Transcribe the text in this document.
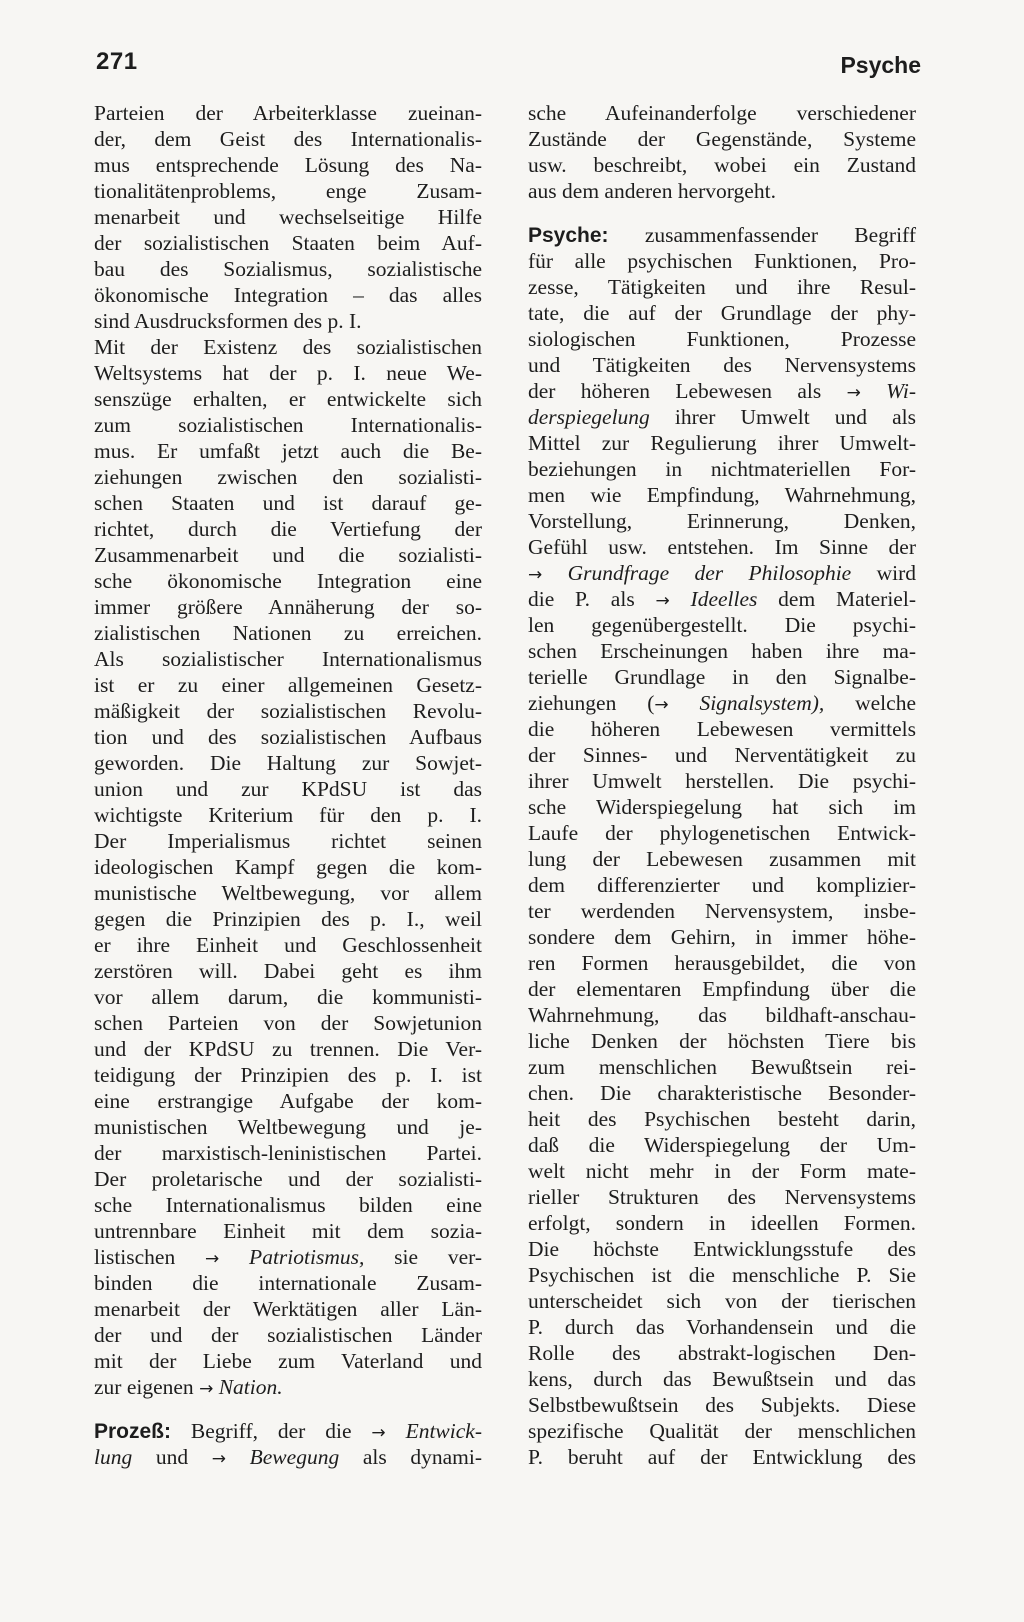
271	Psyche
Parteien der Arbeiterklasse zueinan-
der, dem Geist des Internationalis-
mus entsprechende Lösung des Na-
tionalitätenproblems, enge Zusam-
menarbeit und wechselseitige Hilfe
der sozialistischen Staaten beim Auf-
bau des Sozialismus, sozialistische
ökonomische Integration – das alles
sind Ausdrucksformen des p. I.
Mit der Existenz des sozialistischen
Weltsystems hat der p. I. neue We-
senszüge erhalten, er entwickelte sich
zum sozialistischen Internationalis-
mus. Er umfaßt jetzt auch die Be-
ziehungen zwischen den sozialisti-
schen Staaten und ist darauf ge-
richtet, durch die Vertiefung der
Zusammenarbeit und die sozialisti-
sche ökonomische Integration eine
immer größere Annäherung der so-
zialistischen Nationen zu erreichen.
Als sozialistischer Internationalismus
ist er zu einer allgemeinen Gesetz-
mäßigkeit der sozialistischen Revolu-
tion und des sozialistischen Aufbaus
geworden. Die Haltung zur Sowjet-
union und zur KPdSU ist das
wichtigste Kriterium für den p. I.
Der Imperialismus richtet seinen
ideologischen Kampf gegen die kom-
munistische Weltbewegung, vor allem
gegen die Prinzipien des p. I., weil
er ihre Einheit und Geschlossenheit
zerstören will. Dabei geht es ihm
vor allem darum, die kommunisti-
schen Parteien von der Sowjetunion
und der KPdSU zu trennen. Die Ver-
teidigung der Prinzipien des p. I. ist
eine erstrangige Aufgabe der kom-
munistischen Weltbewegung und je-
der marxistisch-leninistischen Partei.
Der proletarische und der sozialisti-
sche Internationalismus bilden eine
untrennbare Einheit mit dem sozia-
listischen → Patriotismus, sie ver-
binden die internationale Zusam-
menarbeit der Werktätigen aller Län-
der und der sozialistischen Länder
mit der Liebe zum Vaterland und
zur eigenen → Nation.
Prozeß: Begriff, der die → Entwick-
lung und → Bewegung als dynami-
sche Aufeinanderfolge verschiedener
Zustände der Gegenstände, Systeme
usw. beschreibt, wobei ein Zustand
aus dem anderen hervorgeht.
Psyche: zusammenfassender Begriff
für alle psychischen Funktionen, Pro-
zesse, Tätigkeiten und ihre Resul-
tate, die auf der Grundlage der phy-
siologischen Funktionen, Prozesse
und Tätigkeiten des Nervensystems
der höheren Lebewesen als → Wi-
derspiegelung ihrer Umwelt und als
Mittel zur Regulierung ihrer Umwelt-
beziehungen in nichtmateriellen For-
men wie Empfindung, Wahrnehmung,
Vorstellung, Erinnerung, Denken,
Gefühl usw. entstehen. Im Sinne der
→ Grundfrage der Philosophie wird
die P. als → Ideelles dem Materiel-
len gegenübergestellt. Die psychi-
schen Erscheinungen haben ihre ma-
terielle Grundlage in den Signalbe-
ziehungen (→ Signalsystem), welche
die höheren Lebewesen vermittels
der Sinnes- und Nerventätigkeit zu
ihrer Umwelt herstellen. Die psychi-
sche Widerspiegelung hat sich im
Laufe der phylogenetischen Entwick-
lung der Lebewesen zusammen mit
dem differenzierter und komplizier-
ter werdenden Nervensystem, insbe-
sondere dem Gehirn, in immer höhe-
ren Formen herausgebildet, die von
der elementaren Empfindung über die
Wahrnehmung, das bildhaft-anschau-
liche Denken der höchsten Tiere bis
zum menschlichen Bewußtsein rei-
chen. Die charakteristische Besonder-
heit des Psychischen besteht darin,
daß die Widerspiegelung der Um-
welt nicht mehr in der Form mate-
rieller Strukturen des Nervensystems
erfolgt, sondern in ideellen Formen.
Die höchste Entwicklungsstufe des
Psychischen ist die menschliche P. Sie
unterscheidet sich von der tierischen
P. durch das Vorhandensein und die
Rolle des abstrakt-logischen Den-
kens, durch das Bewußtsein und das
Selbstbewußtsein des Subjekts. Diese
spezifische Qualität der menschlichen
P. beruht auf der Entwicklung des
